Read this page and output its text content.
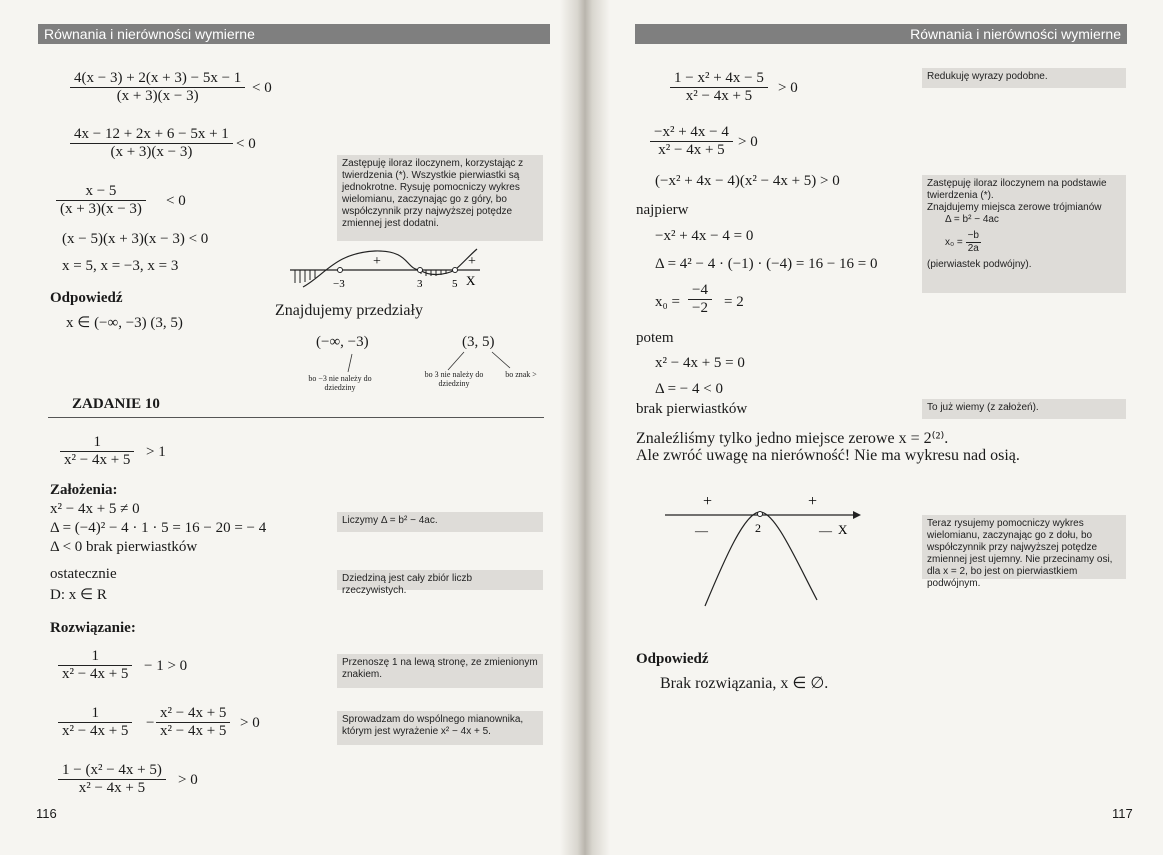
Równania i nierówności wymierne
$\frac{4(x - 3) + 2(x + 3) - 5x - 1}{(x + 3)(x - 3)} < 0$
$\frac{4x - 12 + 2x + 6 - 5x + 1}{(x + 3)(x - 3)} < 0$
$\frac{x - 5}{(x + 3)(x - 3)} < 0$
(x − 5)(x + 3)(x − 3) < 0
x = 5, x = −3, x = 3
Zastępuję iloraz iloczynem, korzystając z twierdzenia (*). Wszystkie pierwiastki są jednokrotne. Rysuję pomocniczy wykres wielomianu, zaczynając go z góry, bo współczynnik przy najwyższej potędze zmiennej jest dodatni.
−3	3	5 X
+	+
Znajdujemy przedziały
(−∞, −3)	(3, 5)
bo −3 nie należy do dziedziny
bo 3 nie należy do dziedziny
bo znak >
Odpowiedź
x ∈ (−∞, −3) (3, 5)
ZADANIE 10
$\frac{1}{\text{x² − 4x + 5}} > 1$
Założenia:
x² − 4x + 5 ≠ 0
Δ = (−4)² − 4 · 1 · 5 = 16 − 20 = − 4
Δ < 0 brak pierwiastków
Liczymy Δ = b² − 4ac.
ostatecznie
D: x ∈ R
Dziedziną jest cały zbiór liczb rzeczywistych.
Rozwiązanie:
$\frac{1}{\text{x² − 4x + 5}} - 1 > 0$	Przenoszę 1 na lewą stronę, ze zmienionym znakiem.
$\frac{1}{\text{x² − 4x + 5}} - \frac{\text{x² − 4x + 5}}{\text{x² − 4x + 5}} > 0$	Sprowadzam do wspólnego mianownika, którym jest wyrażenie x² − 4x + 5.
$\frac{\text{1 − (x² − 4x + 5)}}{\text{x² − 4x + 5}} > 0$
116
Równania i nierówności wymierne
$\frac{\text{1 − x² + 4x − 5}}{\text{x² − 4x + 5}} > 0$
Redukuję wyrazy podobne.
$\frac{\text{−x² + 4x − 4}}{\text{x² − 4x + 5}} > 0$
(−x² + 4x − 4)(x² − 4x + 5) > 0
najpierw
−x² + 4x − 4 = 0
Δ = 4² − 4 · (−1) · (−4) = 16 − 16 = 0
$x_0 = \frac{-4}{-2} = 2$
Zastępuję iloraz iloczynem na podstawie twierdzenia (*).
Znajdujemy miejsca zerowe trójmianów
Δ = b² − 4ac
$x_0 = \frac{-b}{2a}$
(pierwiastek podwójny).
potem
x² − 4x + 5 = 0
Δ = − 4 < 0
brak pierwiastków	To już wiemy (z założeń).
Znaleźliśmy tylko jedno miejsce zerowe x = 2⁽²⁾.
Ale zwróć uwagę na nierówność! Nie ma wykresu nad osią.
+	+
—	—
2	X	Teraz rysujemy pomocniczy wykres wielomianu, zaczynając go z dołu, bo współczynnik przy najwyższej potędze zmiennej jest ujemny. Nie przecinamy osi, dla x = 2, bo jest on pierwiastkiem podwójnym.
Odpowiedź
Brak rozwiązania, x ∈ ∅.
117
